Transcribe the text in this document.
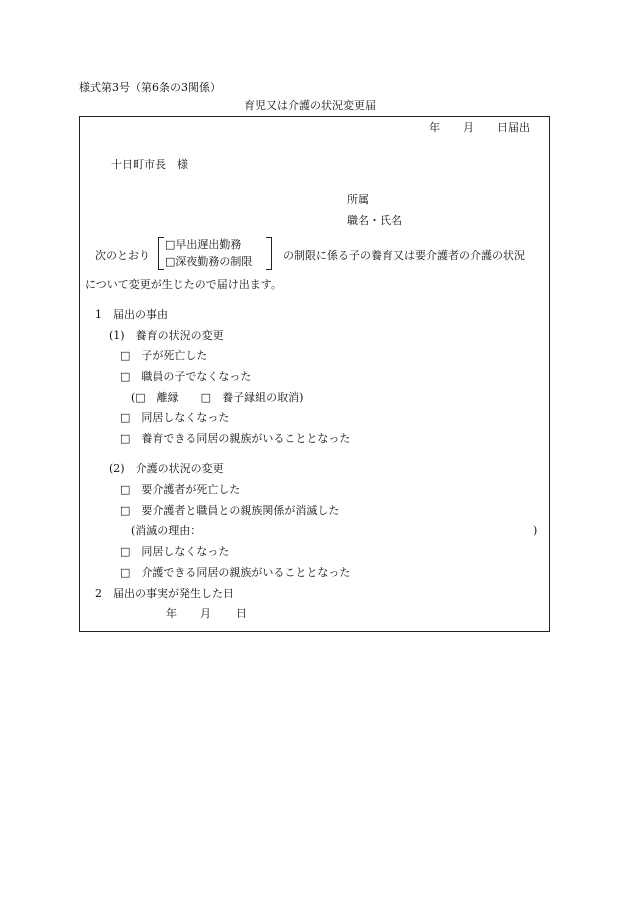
様式第3号（第6条の3関係）
育児又は介護の状況変更届
年 月 日届出
十日町市長　様
所属
職名・氏名
次のとおり
□早出遅出勤務
□深夜勤務の制限	の制限に係る子の養育又は要介護者の介護の状況
について変更が生じたので届け出ます。
1　届出の事由
(1)　養育の状況の変更
□　子が死亡した
□　職員の子でなくなった
(□　離縁　　□　養子縁組の取消)
□　同居しなくなった
□　養育できる同居の親族がいることとなった
(2)　介護の状況の変更
□　要介護者が死亡した
□　要介護者と職員との親族関係が消滅した
(消滅の理由：	)
□　同居しなくなった
□　介護できる同居の親族がいることとなった
2　届出の事実が発生した日
年 月 日
